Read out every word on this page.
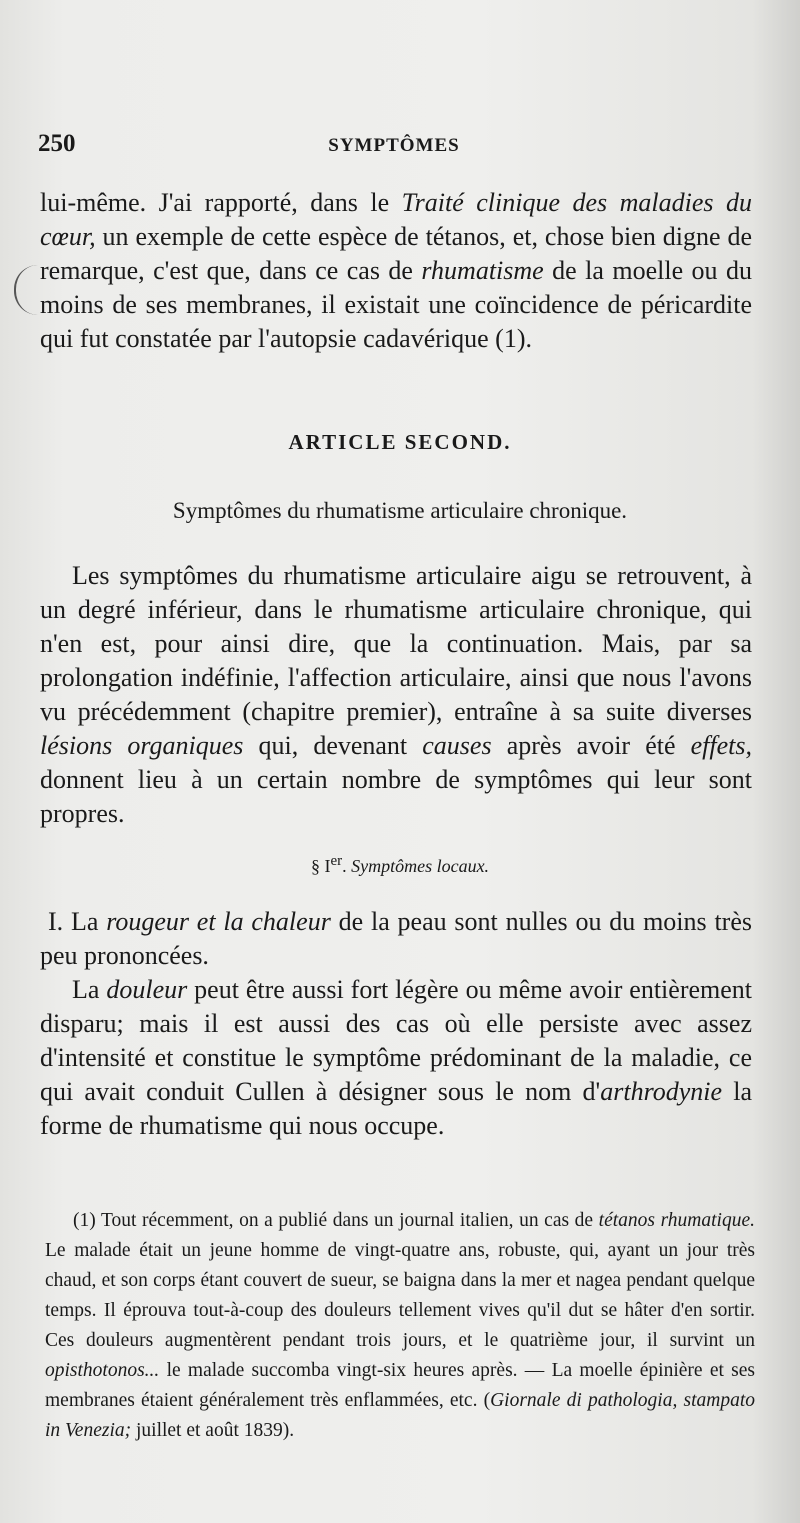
250	SYMPTÔMES
lui-même. J'ai rapporté, dans le Traité clinique des maladies du cœur, un exemple de cette espèce de tétanos, et, chose bien digne de remarque, c'est que, dans ce cas de rhumatisme de la moelle ou du moins de ses membranes, il existait une coïncidence de péricardite qui fut constatée par l'autopsie cadavérique (1).
ARTICLE SECOND.
Symptômes du rhumatisme articulaire chronique.

Les symptômes du rhumatisme articulaire aigu se retrouvent, à un degré inférieur, dans le rhumatisme articulaire chronique, qui n'en est, pour ainsi dire, que la continuation. Mais, par sa prolongation indéfinie, l'affection articulaire, ainsi que nous l'avons vu précédemment (chapitre premier), entraîne à sa suite diverses lésions organiques qui, devenant causes après avoir été effets, donnent lieu à un certain nombre de symptômes qui leur sont propres.

§ Ier. Symptômes locaux.

I. La rougeur et la chaleur de la peau sont nulles ou du moins très peu prononcées.

La douleur peut être aussi fort légère ou même avoir entièrement disparu; mais il est aussi des cas où elle persiste avec assez d'intensité et constitue le symptôme prédominant de la maladie, ce qui avait conduit Cullen à désigner sous le nom d'arthrodynie la forme de rhumatisme qui nous occupe.

(1) Tout récemment, on a publié dans un journal italien, un cas de tétanos rhumatique. Le malade était un jeune homme de vingt-quatre ans, robuste, qui, ayant un jour très chaud, et son corps étant couvert de sueur, se baigna dans la mer et nagea pendant quelque temps. Il éprouva tout-à-coup des douleurs tellement vives qu'il dut se hâter d'en sortir. Ces douleurs augmentèrent pendant trois jours, et le quatrième jour, il survint un opisthotonos... le malade succomba vingt-six heures après. — La moelle épinière et ses membranes étaient généralement très enflammées, etc. (Giornale di pathologia, stampato in Venezia; juillet et août 1839).
